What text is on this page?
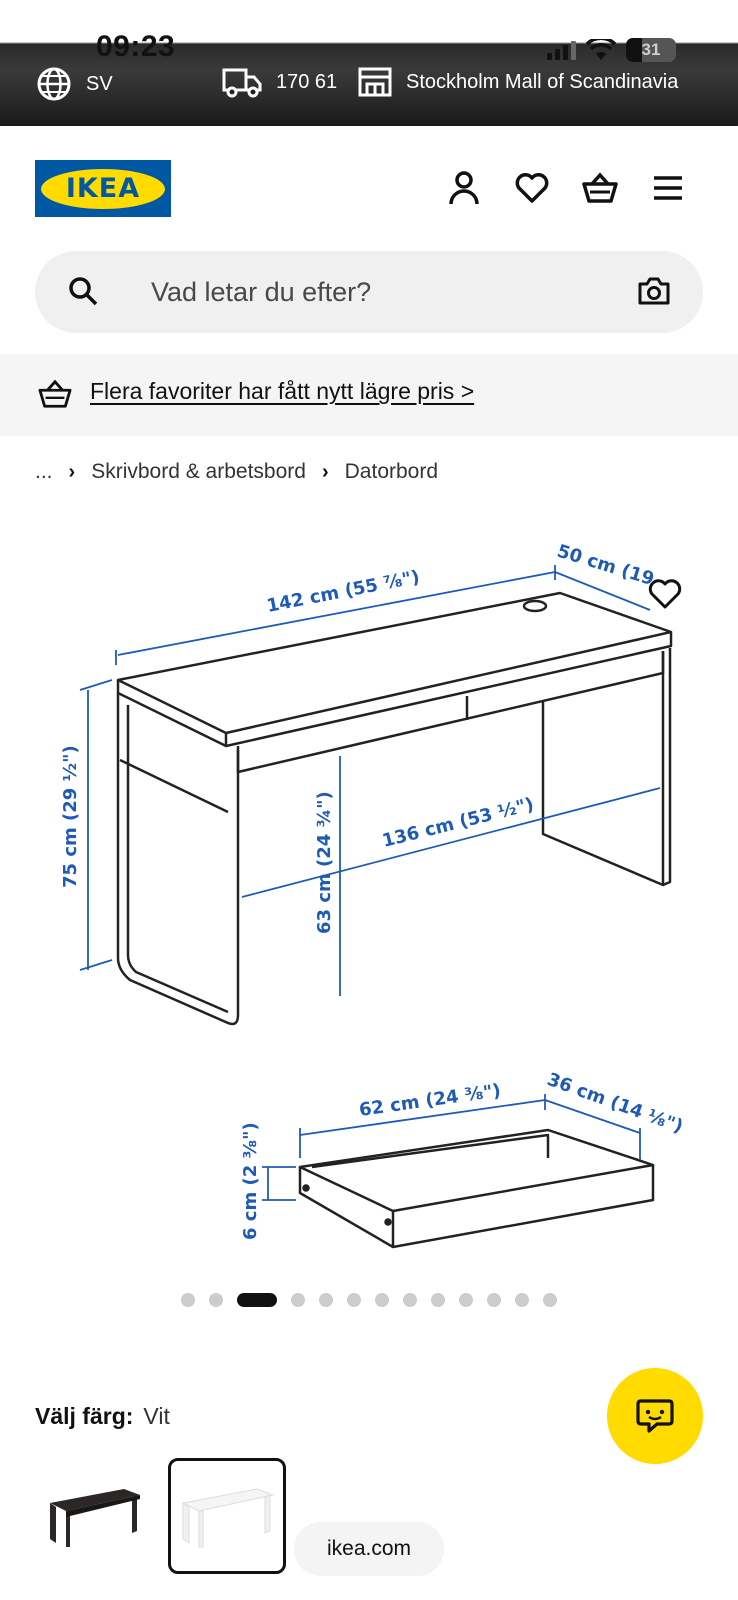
09:23	31
SV	170 61	Stockholm Mall of Scandinavia
IKEA
Vad letar du efter?
Flera favoriter har fått nytt lägre pris >
... › Skrivbord & arbetsbord › Datorbord
142 cm (55 ⅞")
50 cm (19
75 cm (29 ½")	136 cm (53 ½")
63 cm (24 ¾")
62 cm (24 ⅜") 36 cm (14 ⅛")
6 cm (2 ⅜")
Välj färg: Vit
ikea.com
